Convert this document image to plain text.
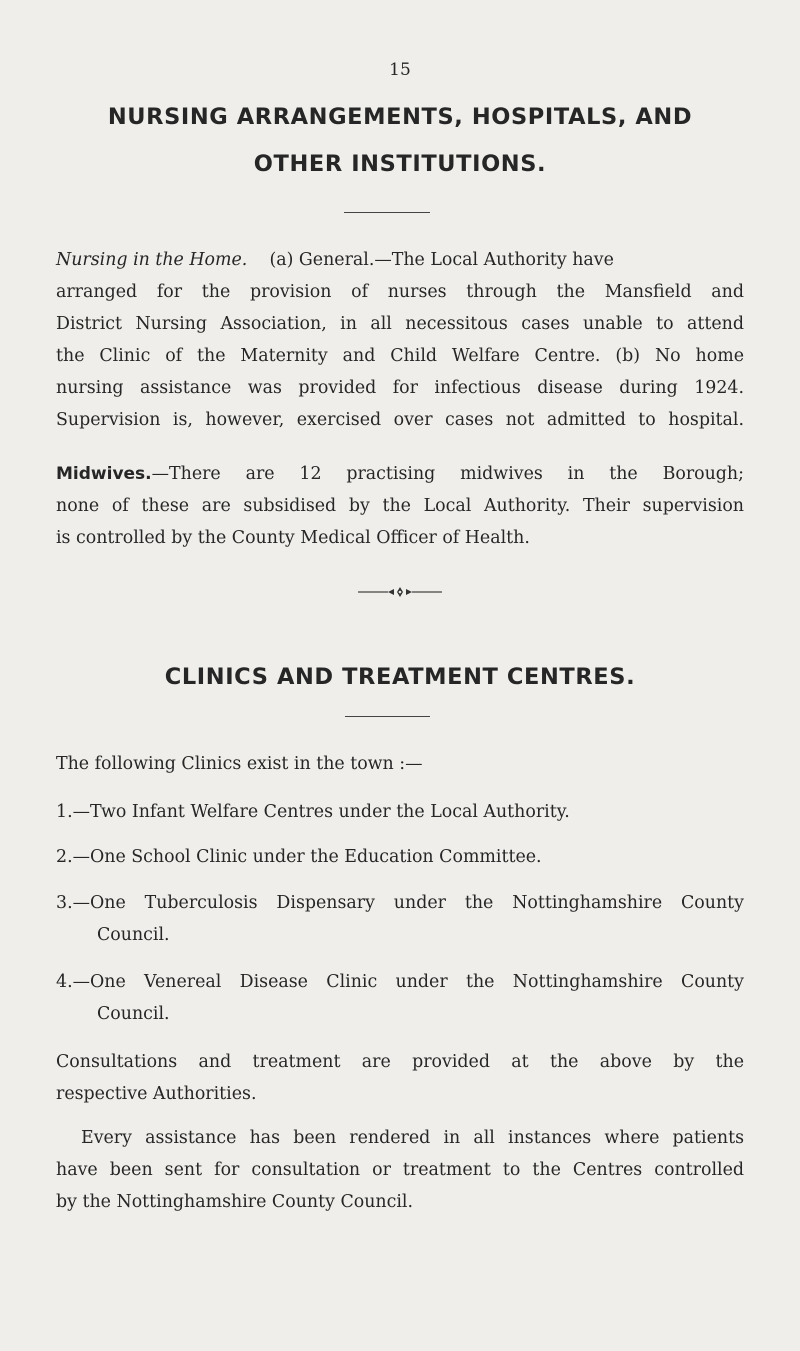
15
NURSING ARRANGEMENTS, HOSPITALS, AND
OTHER INSTITUTIONS.
Nursing in the Home. (a) General.—The Local Authority have
arranged for the provision of nurses through the Mansfield and
District Nursing Association, in all necessitous cases unable to attend
the Clinic of the Maternity and Child Welfare Centre. (b) No home
nursing assistance was provided for infectious disease during 1924.
Supervision is, however, exercised over cases not admitted to hospital.
Midwives.—There are 12 practising midwives in the Borough;
none of these are subsidised by the Local Authority. Their supervision
is controlled by the County Medical Officer of Health.
CLINICS AND TREATMENT CENTRES.
The following Clinics exist in the town :—
1.—Two Infant Welfare Centres under the Local Authority.
2.—One School Clinic under the Education Committee.
3.—One Tuberculosis Dispensary under the Nottinghamshire County
Council.
4.—One Venereal Disease Clinic under the Nottinghamshire County
Council.
Consultations and treatment are provided at the above by the
respective Authorities.
Every assistance has been rendered in all instances where patients
have been sent for consultation or treatment to the Centres controlled
by the Nottinghamshire County Council.
